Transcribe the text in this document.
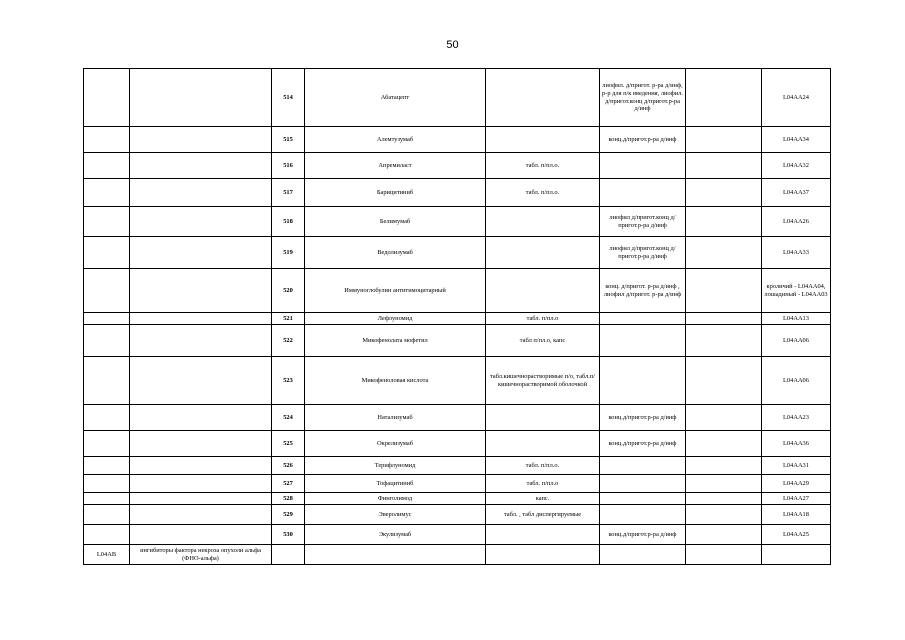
50
		514	Абатацепт		лиофил. д/пригот. р-ра д/инф, р-р для п/к введения, лиофил. д/пригот.конц д/пригот.р-ра д/инф		L04AA24
		515	Алемтузумаб		конц.д/пригот.р-ра д/инф		L04AA34
		516	Апремиласт	табл. п/пл.о.			L04AA32
		517	Барицитиниб	табл. п/пл.о.			L04AA37
		518	Белимумаб		лиофил д/пригот.конц д/пригот.р-ра д/инф		L04AA26
		519	Ведолизумаб		лиофил д/пригот.конц д/пригот.р-ра д/инф		L04AA33
		520	Иммуноглобулин антитимоцитарный		конц. д/пригот. р-ра д/инф , лиофил д/пригот. р-ра д/инф		кроличий - L04AA04, лошадиный - L04AA03
		521	Лефлуномид	табл. п/пл.о			L04AA13
		522	Микофенолата мофетил	табл п/пл.о, капс			L04AA06
		523	Микофеноловая кислота	табл.кишечнорастворимые п/о, табл.п/кишечнорастворимой оболочкой			L04AA06
		524	Натализумаб		конц.д/пригот.р-ра д/инф		L04AA23
		525	Окрелизумаб		конц.д/пригот.р-ра д/инф		L04AA36
		526	Терифлуномид	табл. п/пл.о.			L04AA31
		527	Тофацитиниб	табл. п/пл.о			L04AA29
		528	Финголимод	капс.			L04AA27
		529	Эверолимус	табл. , табл диспергируемые			L04AA18
		530	Экулизумаб		конц.д/пригот.р-ра д/инф		L04AA25
L04AB	ингибиторы фактора некроза опухоли альфа (ФНО-альфа)						
